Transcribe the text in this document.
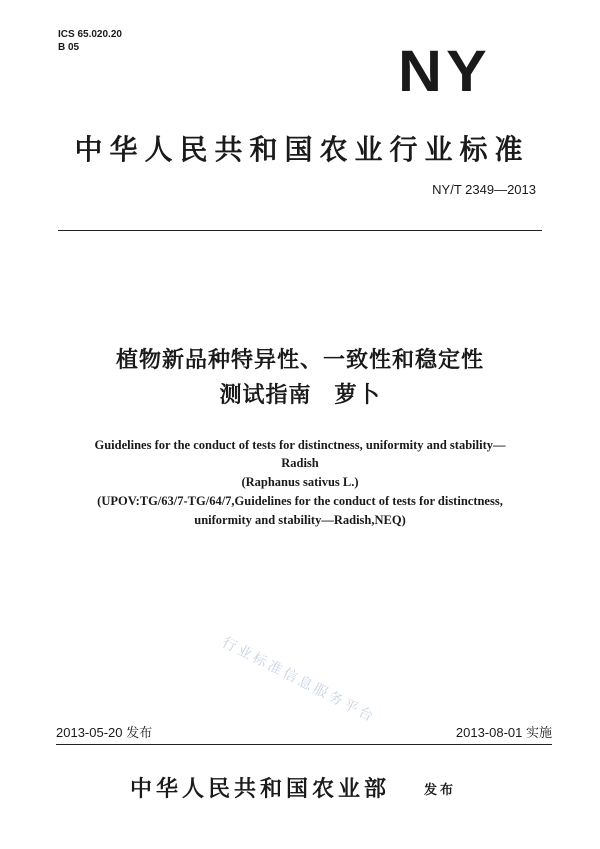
ICS 65.020.20
B 05	NY
中华人民共和国农业行业标准
NY/T 2349—2013
植物新品种特异性、一致性和稳定性
测试指南　萝卜
Guidelines for the conduct of tests for distinctness, uniformity and stability—
Radish
(Raphanus sativus L.)
(UPOV:TG/63/7-TG/64/7,Guidelines for the conduct of tests for distinctness,
uniformity and stability—Radish,NEQ)
行业标准信息服务平台
2013-05-20 发布	2013-08-01 实施
中华人民共和国农业部	发布
